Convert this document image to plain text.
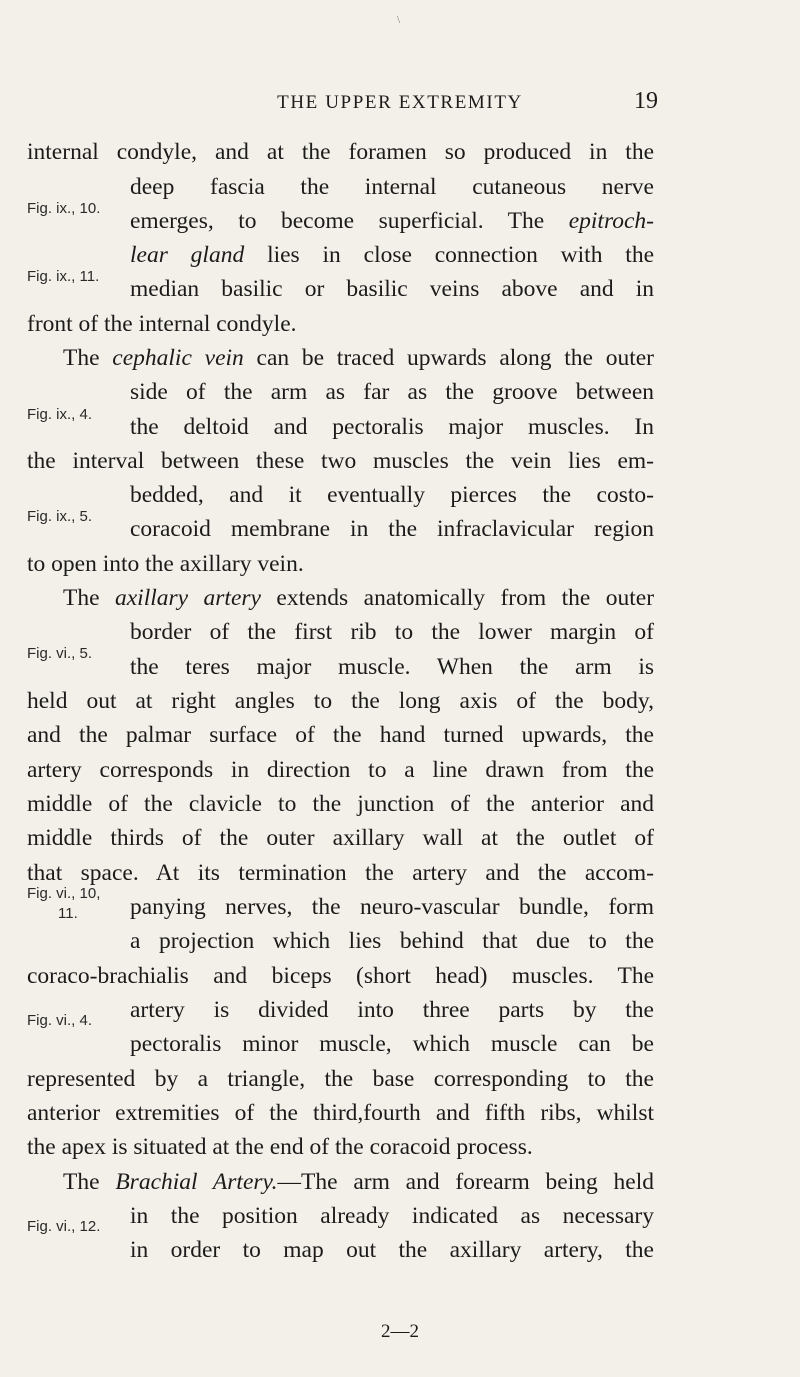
\
THE UPPER EXTREMITY	19
internal condyle, and at the foramen so produced in the
deep fascia the internal cutaneous nerve
emerges, to become superficial. The epitroch-
lear gland lies in close connection with the
median basilic or basilic veins above and in
front of the internal condyle.
The cephalic vein can be traced upwards along the outer
side of the arm as far as the groove between
the deltoid and pectoralis major muscles. In
the interval between these two muscles the vein lies em-
bedded, and it eventually pierces the costo-
coracoid membrane in the infraclavicular region
to open into the axillary vein.
The axillary artery extends anatomically from the outer
border of the first rib to the lower margin of
the teres major muscle. When the arm is
held out at right angles to the long axis of the body,
and the palmar surface of the hand turned upwards, the
artery corresponds in direction to a line drawn from the
middle of the clavicle to the junction of the anterior and
middle thirds of the outer axillary wall at the outlet of
that space. At its termination the artery and the accom-
panying nerves, the neuro-vascular bundle, form
a projection which lies behind that due to the
coraco-brachialis and biceps (short head) muscles. The
artery is divided into three parts by the
pectoralis minor muscle, which muscle can be
represented by a triangle, the base corresponding to the
anterior extremities of the third,fourth and fifth ribs, whilst
the apex is situated at the end of the coracoid process.
The Brachial Artery.—The arm and forearm being held
in the position already indicated as necessary
in order to map out the axillary artery, the
Fig. ix., 10.
Fig. ix., 11.
Fig. ix., 4.
Fig. ix., 5.
Fig. vi., 5.
Fig. vi., 10,
11.
Fig. vi., 4.
Fig. vi., 12.
2—2
